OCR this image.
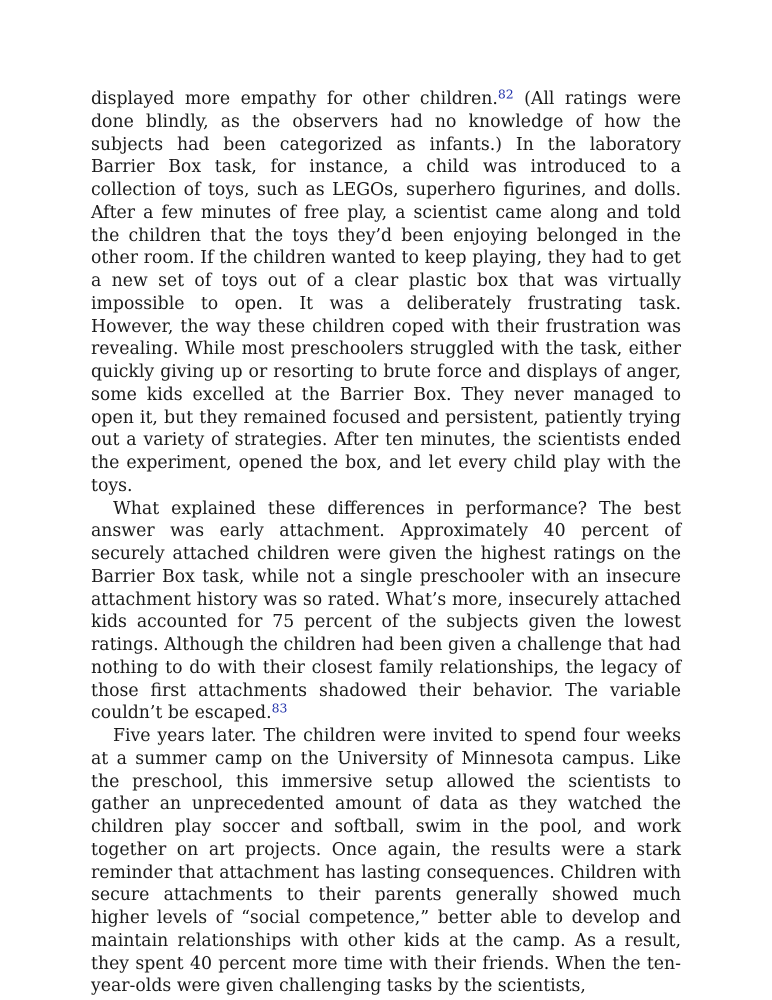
displayed more empathy for other children.$^{82}$ (All ratings were done blindly, as the observers had no knowledge of how the subjects had been categorized as infants.) In the laboratory Barrier Box task, for instance, a child was introduced to a collection of toys, such as LEGOs, superhero figurines, and dolls. After a few minutes of free play, a scientist came along and told the children that the toys they’d been enjoying belonged in the other room. If the children wanted to keep playing, they had to get a new set of toys out of a clear plastic box that was virtually impossible to open. It was a deliberately frustrating task. However, the way these children coped with their frustration was revealing. While most preschoolers struggled with the task, either quickly giving up or resorting to brute force and displays of anger, some kids excelled at the Barrier Box. They never managed to open it, but they remained focused and persistent, patiently trying out a variety of strategies. After ten minutes, the scientists ended the experiment, opened the box, and let every child play with the toys.

What explained these differences in performance? The best answer was early attachment. Approximately 40 percent of securely attached children were given the highest ratings on the Barrier Box task, while not a single preschooler with an insecure attachment history was so rated. What’s more, insecurely attached kids accounted for 75 percent of the subjects given the lowest ratings. Although the children had been given a challenge that had nothing to do with their closest family relationships, the legacy of those first attachments shadowed their behavior. The variable couldn’t be escaped.$^{83}$

Five years later. The children were invited to spend four weeks at a summer camp on the University of Minnesota campus. Like the preschool, this immersive setup allowed the scientists to gather an unprecedented amount of data as they watched the children play soccer and softball, swim in the pool, and work together on art projects. Once again, the results were a stark reminder that attachment has lasting consequences. Children with secure attachments to their parents generally showed much higher levels of “social competence,” better able to develop and maintain relationships with other kids at the camp. As a result, they spent 40 percent more time with their friends. When the ten-year-olds were given challenging tasks by the scientists,
